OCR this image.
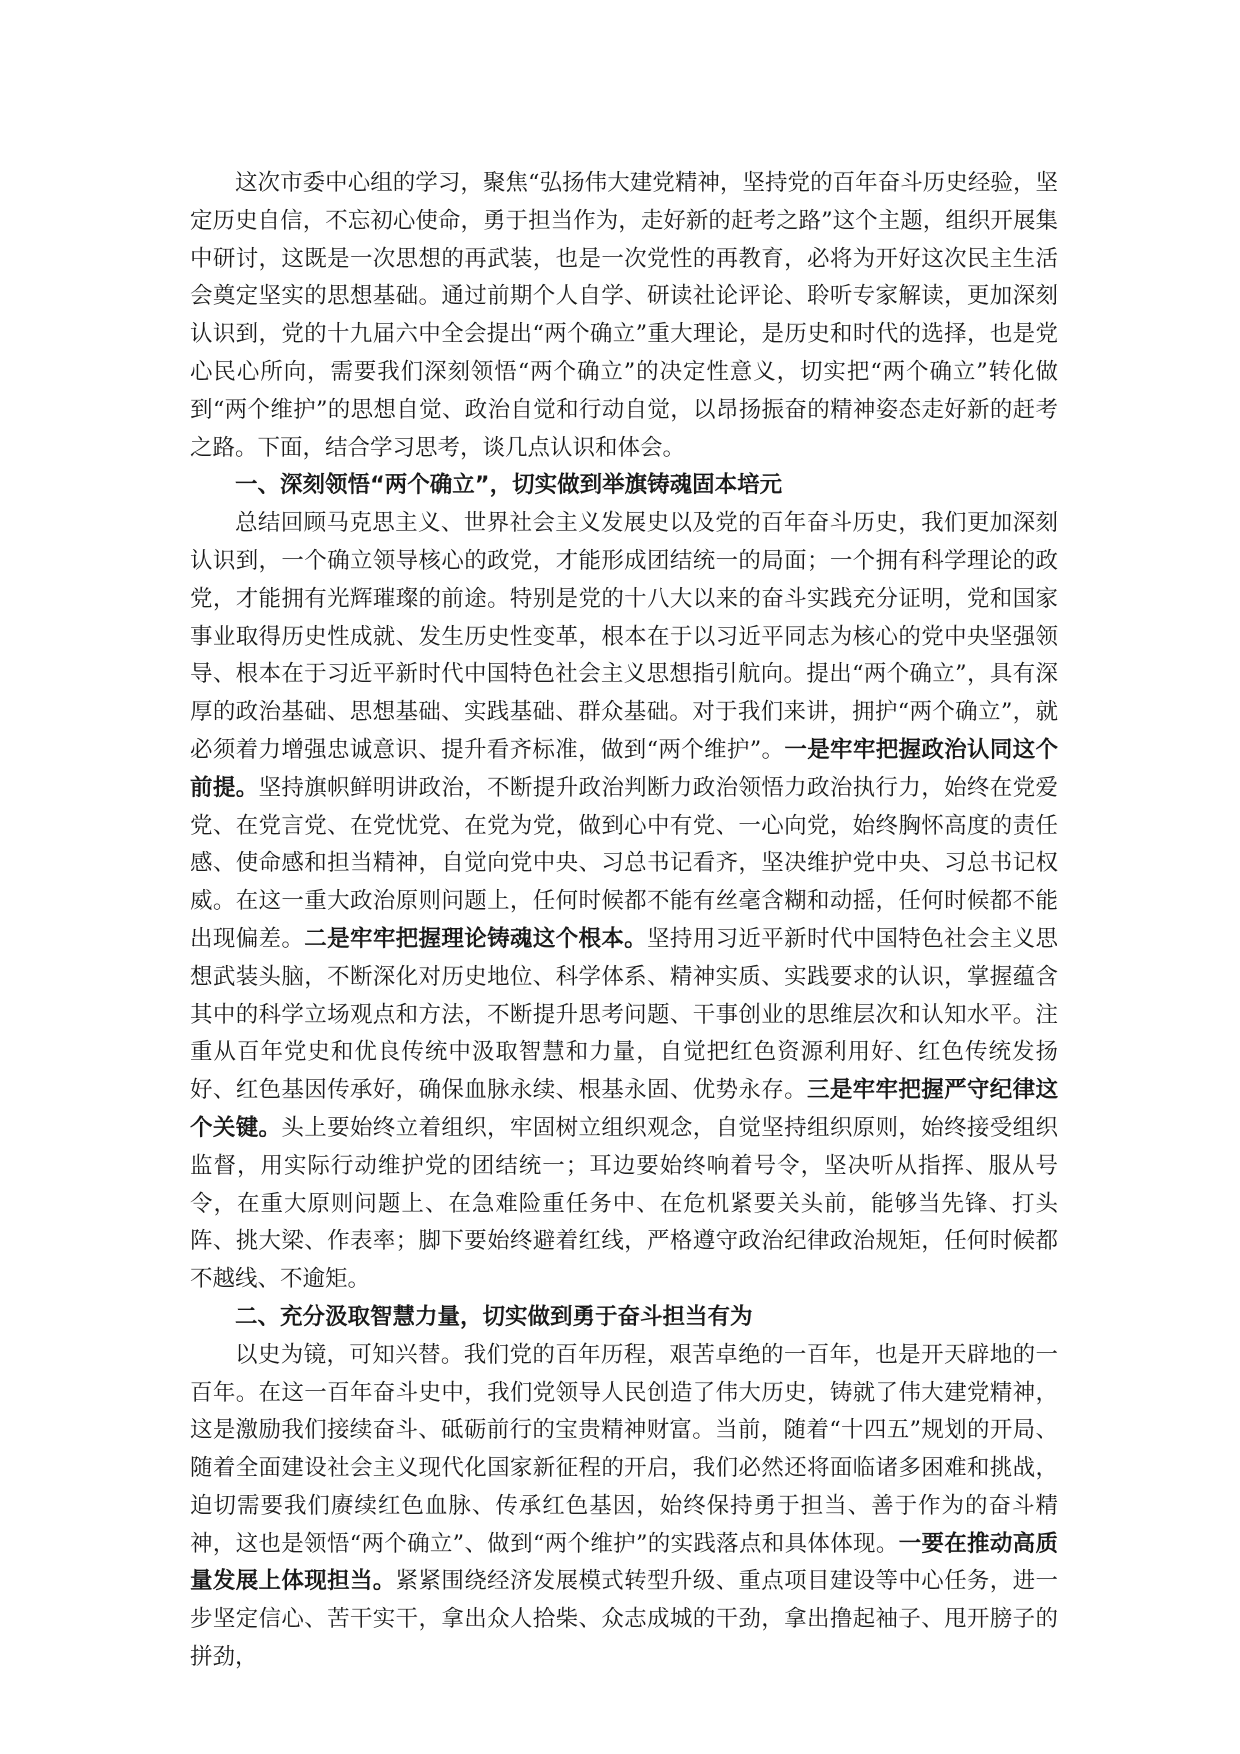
这次市委中心组的学习，聚焦“弘扬伟大建党精神，坚持党的百年奋斗历史经验，坚定历史自信，不忘初心使命，勇于担当作为，走好新的赶考之路”这个主题，组织开展集中研讨，这既是一次思想的再武装，也是一次党性的再教育，必将为开好这次民主生活会奠定坚实的思想基础。通过前期个人自学、研读社论评论、聆听专家解读，更加深刻认识到，党的十九届六中全会提出“两个确立”重大理论，是历史和时代的选择，也是党心民心所向，需要我们深刻领悟“两个确立”的决定性意义，切实把“两个确立”转化做到“两个维护”的思想自觉、政治自觉和行动自觉，以昂扬振奋的精神姿态走好新的赶考之路。下面，结合学习思考，谈几点认识和体会。

一、深刻领悟“两个确立”，切实做到举旗铸魂固本培元

总结回顾马克思主义、世界社会主义发展史以及党的百年奋斗历史，我们更加深刻认识到，一个确立领导核心的政党，才能形成团结统一的局面；一个拥有科学理论的政党，才能拥有光辉璀璨的前途。特别是党的十八大以来的奋斗实践充分证明，党和国家事业取得历史性成就、发生历史性变革，根本在于以习近平同志为核心的党中央坚强领导、根本在于习近平新时代中国特色社会主义思想指引航向。提出“两个确立”，具有深厚的政治基础、思想基础、实践基础、群众基础。对于我们来讲，拥护“两个确立”，就必须着力增强忠诚意识、提升看齐标准，做到“两个维护”。一是牢牢把握政治认同这个前提。坚持旗帜鲜明讲政治，不断提升政治判断力政治领悟力政治执行力，始终在党爱党、在党言党、在党忧党、在党为党，做到心中有党、一心向党，始终胸怀高度的责任感、使命感和担当精神，自觉向党中央、习总书记看齐，坚决维护党中央、习总书记权威。在这一重大政治原则问题上，任何时候都不能有丝毫含糊和动摇，任何时候都不能出现偏差。二是牢牢把握理论铸魂这个根本。坚持用习近平新时代中国特色社会主义思想武装头脑，不断深化对历史地位、科学体系、精神实质、实践要求的认识，掌握蕴含其中的科学立场观点和方法，不断提升思考问题、干事创业的思维层次和认知水平。注重从百年党史和优良传统中汲取智慧和力量，自觉把红色资源利用好、红色传统发扬好、红色基因传承好，确保血脉永续、根基永固、优势永存。三是牢牢把握严守纪律这个关键。头上要始终立着组织，牢固树立组织观念，自觉坚持组织原则，始终接受组织监督，用实际行动维护党的团结统一；耳边要始终响着号令，坚决听从指挥、服从号令，在重大原则问题上、在急难险重任务中、在危机紧要关头前，能够当先锋、打头阵、挑大梁、作表率；脚下要始终避着红线，严格遵守政治纪律政治规矩，任何时候都不越线、不逾矩。

二、充分汲取智慧力量，切实做到勇于奋斗担当有为

以史为镜，可知兴替。我们党的百年历程，艰苦卓绝的一百年，也是开天辟地的一百年。在这一百年奋斗史中，我们党领导人民创造了伟大历史，铸就了伟大建党精神，这是激励我们接续奋斗、砥砺前行的宝贵精神财富。当前，随着“十四五”规划的开局、随着全面建设社会主义现代化国家新征程的开启，我们必然还将面临诸多困难和挑战，迫切需要我们赓续红色血脉、传承红色基因，始终保持勇于担当、善于作为的奋斗精神，这也是领悟“两个确立”、做到“两个维护”的实践落点和具体体现。一要在推动高质量发展上体现担当。紧紧围绕经济发展模式转型升级、重点项目建设等中心任务，进一步坚定信心、苦干实干，拿出众人拾柴、众志成城的干劲，拿出撸起袖子、甩开膀子的拼劲，
